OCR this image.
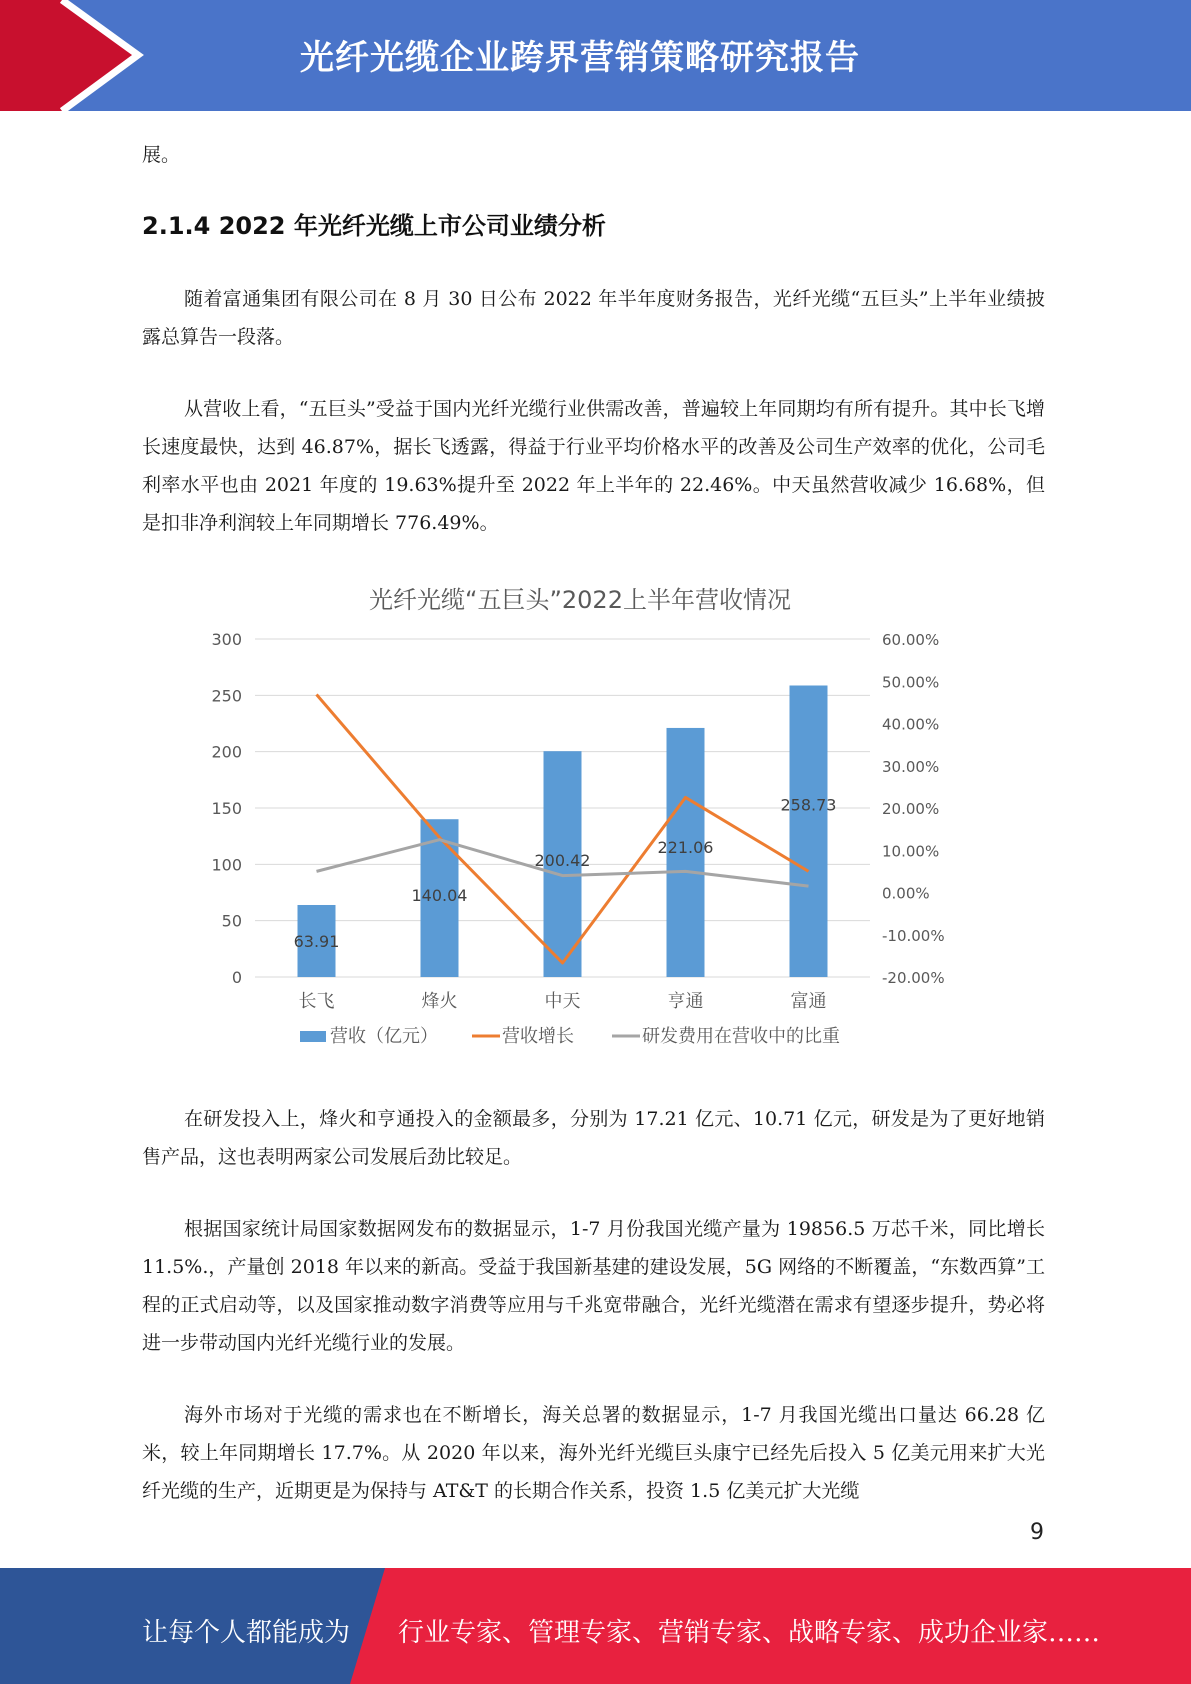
光纤光缆企业跨界营销策略研究报告

展。

2.1.4 2022 年光纤光缆上市公司业绩分析

随着富通集团有限公司在 8 月 30 日公布 2022 年半年度财务报告，光纤光缆“五巨头”上半年业绩披露总算告一段落。

从营收上看，“五巨头”受益于国内光纤光缆行业供需改善，普遍较上年同期均有所有提升。其中长飞增长速度最快，达到 46.87%，据长飞透露，得益于行业平均价格水平的改善及公司生产效率的优化，公司毛利率水平也由 2021 年度的 19.63%提升至 2022 年上半年的 22.46%。中天虽然营收减少 16.68%，但是扣非净利润较上年同期增长 776.49%。

在研发投入上，烽火和亨通投入的金额最多，分别为 17.21 亿元、10.71 亿元，研发是为了更好地销售产品，这也表明两家公司发展后劲比较足。

根据国家统计局国家数据网发布的数据显示，1-7 月份我国光缆产量为 19856.5 万芯千米，同比增长 11.5%.，产量创 2018 年以来的新高。受益于我国新基建的建设发展，5G 网络的不断覆盖，“东数西算”工程的正式启动等，以及国家推动数字消费等应用与千兆宽带融合，光纤光缆潜在需求有望逐步提升，势必将进一步带动国内光纤光缆行业的发展。

海外市场对于光缆的需求也在不断增长，海关总署的数据显示，1-7 月我国光缆出口量达 66.28 亿米，较上年同期增长 17.7%。从 2020 年以来，海外光纤光缆巨头康宁已经先后投入 5 亿美元用来扩大光纤光缆的生产，近期更是为保持与 AT&T 的长期合作关系，投资 1.5 亿美元扩大光缆

光纤光缆“五巨头”2022上半年营收情况
0
50
100
150
200
250
300
-20.00%
-10.00%
0.00%
10.00%
20.00%
30.00%
40.00%
50.00%
60.00%
63.91
140.04
200.42
221.06
258.73
长飞	烽火	中天	亨通	富通
营收（亿元）	营收增长	研发费用在营收中的比重
9
让每个人都能成为 行业专家、管理专家、营销专家、战略专家、成功企业家……
